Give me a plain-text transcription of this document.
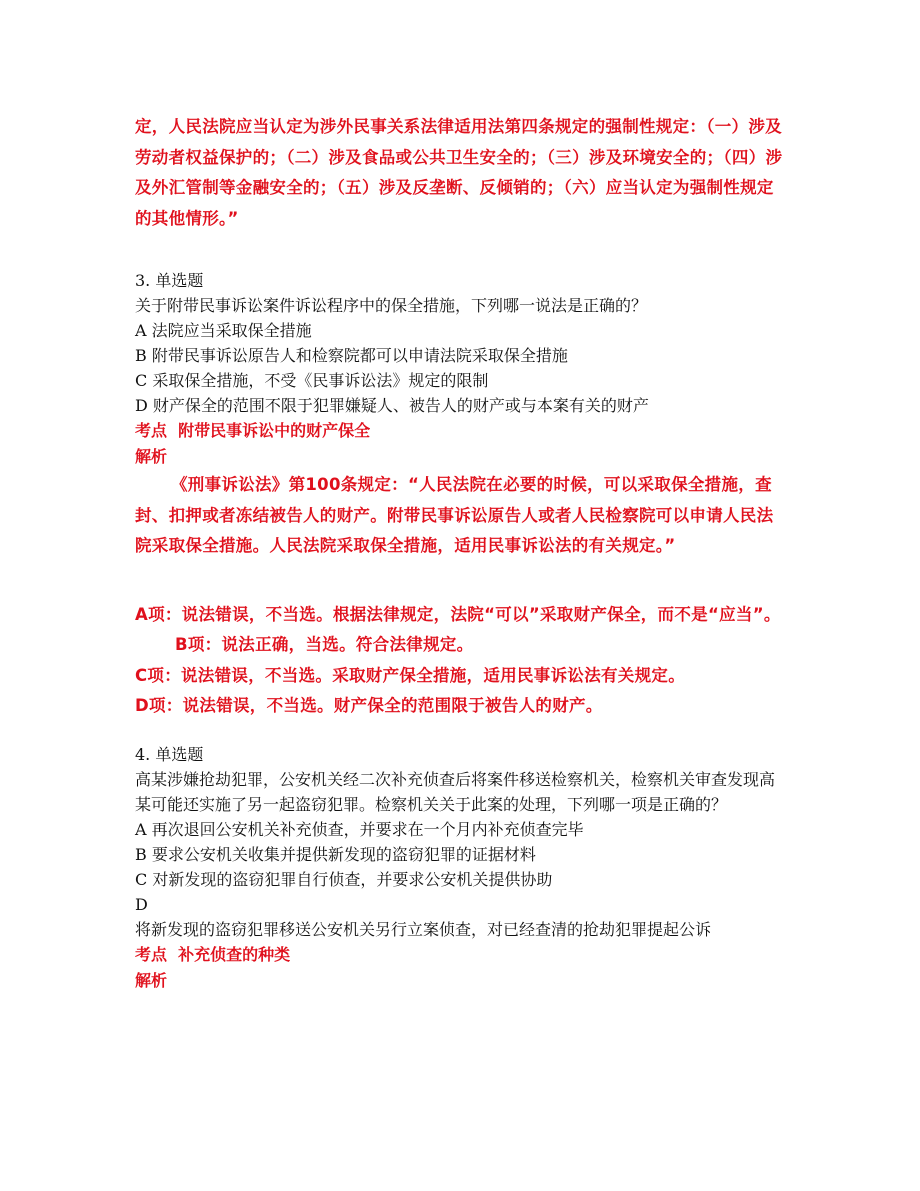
定，人民法院应当认定为涉外民事关系法律适用法第四条规定的强制性规定：（一）涉及劳动者权益保护的；（二）涉及食品或公共卫生安全的；（三）涉及环境安全的；（四）涉及外汇管制等金融安全的；（五）涉及反垄断、反倾销的；（六）应当认定为强制性规定的其他情形。”

3. 单选题

关于附带民事诉讼案件诉讼程序中的保全措施，下列哪一说法是正确的？

A 法院应当采取保全措施

B 附带民事诉讼原告人和检察院都可以申请法院采取保全措施

C 采取保全措施，不受《民事诉讼法》规定的限制

D 财产保全的范围不限于犯罪嫌疑人、被告人的财产或与本案有关的财产

考点 附带民事诉讼中的财产保全

解析

《刑事诉讼法》第100条规定：“人民法院在必要的时候，可以采取保全措施，查封、扣押或者冻结被告人的财产。附带民事诉讼原告人或者人民检察院可以申请人民法院采取保全措施。人民法院采取保全措施，适用民事诉讼法的有关规定。”

A项：说法错误，不当选。根据法律规定，法院“可以”采取财产保全，而不是“应当”。B项：说法正确，当选。符合法律规定。

C项：说法错误，不当选。采取财产保全措施，适用民事诉讼法有关规定。

D项：说法错误，不当选。财产保全的范围限于被告人的财产。

4. 单选题

高某涉嫌抢劫犯罪，公安机关经二次补充侦查后将案件移送检察机关，检察机关审查发现高某可能还实施了另一起盗窃犯罪。检察机关关于此案的处理，下列哪一项是正确的？

A 再次退回公安机关补充侦查，并要求在一个月内补充侦查完毕

B 要求公安机关收集并提供新发现的盗窃犯罪的证据材料

C 对新发现的盗窃犯罪自行侦查，并要求公安机关提供协助

D

将新发现的盗窃犯罪移送公安机关另行立案侦查，对已经查清的抢劫犯罪提起公诉

考点 补充侦查的种类

解析
